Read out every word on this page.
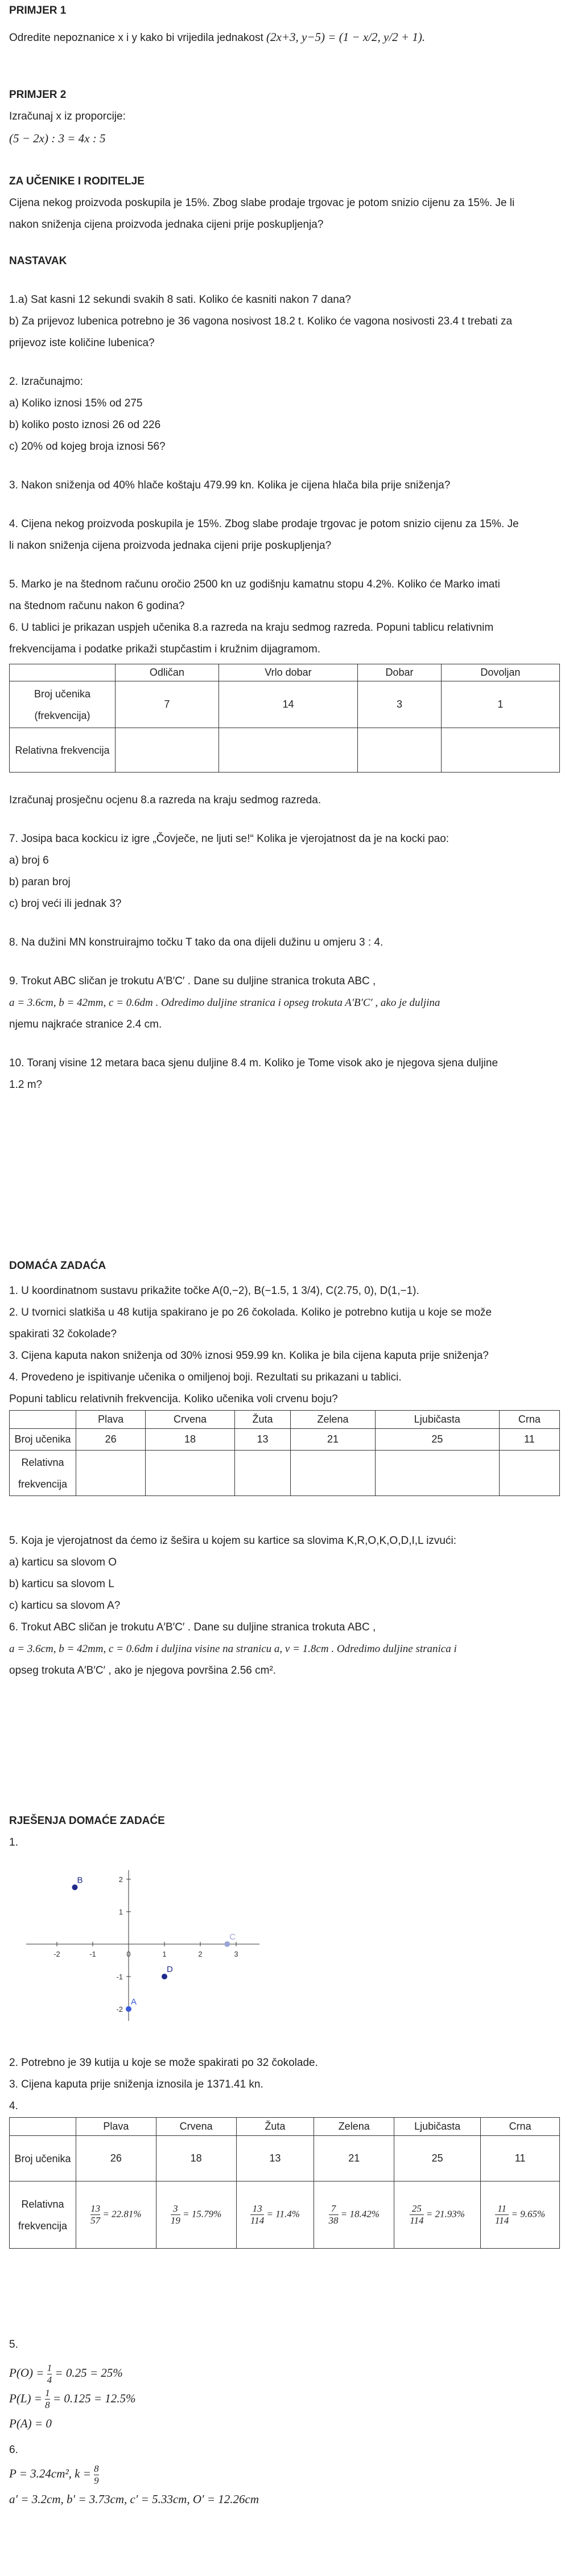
PRIMJER 1

Odredite nepoznanice x i y kako bi vrijedila jednakost (2x+3, y−5) = (1 − x/2, y/2 + 1).

PRIMJER 2

Izračunaj x iz proporcije:

(5 − 2x) : 3 = 4x : 5

ZA UČENIKE I RODITELJE

Cijena nekog proizvoda poskupila je 15%. Zbog slabe prodaje trgovac je potom snizio cijenu za 15%. Je li

nakon sniženja cijena proizvoda jednaka cijeni prije poskupljenja?

NASTAVAK

1.a) Sat kasni 12 sekundi svakih 8 sati. Koliko će kasniti nakon 7 dana?

b) Za prijevoz lubenica potrebno je 36 vagona nosivost 18.2 t. Koliko će vagona nosivosti 23.4 t trebati za

prijevoz iste količine lubenica?

2. Izračunajmo:

a) Koliko iznosi 15% od 275

b) koliko posto iznosi 26 od 226

c) 20% od kojeg broja iznosi 56?

3. Nakon sniženja od 40% hlače koštaju 479.99 kn. Kolika je cijena hlača bila prije sniženja?

4. Cijena nekog proizvoda poskupila je 15%. Zbog slabe prodaje trgovac je potom snizio cijenu za 15%. Je

li nakon sniženja cijena proizvoda jednaka cijeni prije poskupljenja?

5. Marko je na štednom računu oročio 2500 kn uz godišnju kamatnu stopu 4.2%. Koliko će Marko imati

na štednom računu nakon 6 godina?

6. U tablici je prikazan uspjeh učenika 8.a razreda na kraju sedmog razreda. Popuni tablicu relativnim

frekvencijama i podatke prikaži stupčastim i kružnim dijagramom.

	Odličan	Vrlo dobar	Dobar	Dovoljan
Broj učenika (frekvencija)	7	14	3	1
Relativna frekvencija				

Izračunaj prosječnu ocjenu 8.a razreda na kraju sedmog razreda.

7. Josipa baca kockicu iz igre „Čovječe, ne ljuti se!“ Kolika je vjerojatnost da je na kocki pao:

a) broj 6

b) paran broj

c) broj veći ili jednak 3?

8. Na dužini MN konstruirajmo točku T tako da ona dijeli dužinu u omjeru 3 : 4.

9. Trokut ABC sličan je trokutu A′B′C′ . Dane su duljine stranica trokuta ABC ,

a = 3.6cm, b = 42mm, c = 0.6dm . Odredimo duljine stranica i opseg trokuta A′B′C′ , ako je duljina

njemu najkraće stranice 2.4 cm.

10. Toranj visine 12 metara baca sjenu duljine 8.4 m. Koliko je Tome visok ako je njegova sjena duljine

1.2 m?

DOMAĆA ZADAĆA

1. U koordinatnom sustavu prikažite točke A(0,−2), B(−1.5, 1 3/4), C(2.75, 0), D(1,−1).

2. U tvornici slatkiša u 48 kutija spakirano je po 26 čokolada. Koliko je potrebno kutija u koje se može

spakirati 32 čokolade?

3. Cijena kaputa nakon sniženja od 30% iznosi 959.99 kn. Kolika je bila cijena kaputa prije sniženja?

4. Provedeno je ispitivanje učenika o omiljenoj boji. Rezultati su prikazani u tablici.

Popuni tablicu relativnih frekvencija. Koliko učenika voli crvenu boju?

	Plava	Crvena	Žuta	Zelena	Ljubičasta	Crna
Broj učenika	26	18	13	21	25	11
Relativna frekvencija						

5. Koja je vjerojatnost da ćemo iz šešira u kojem su kartice sa slovima K,R,O,K,O,D,I,L izvući:

a) karticu sa slovom O

b) karticu sa slovom L

c) karticu sa slovom A?

6. Trokut ABC sličan je trokutu A′B′C′ . Dane su duljine stranica trokuta ABC ,

a = 3.6cm, b = 42mm, c = 0.6dm i duljina visine na stranicu a, v = 1.8cm . Odredimo duljine stranica i

opseg trokuta A′B′C′ , ako je njegova površina 2.56 cm².

RJEŠENJA DOMAĆE ZADAĆE

1.

-2	-1	0	1	2	3
2
1
-1
-2
A
B
C
D

2. Potrebno je 39 kutija u koje se može spakirati po 32 čokolade.

3. Cijena kaputa prije sniženja iznosila je 1371.41 kn.

4.

	Plava	Crvena	Žuta	Zelena	Ljubičasta	Crna
Broj učenika	26	18	13	21	25	11
Relativna frekvencija	$\frac{13}{57} = 22.81\%$	$\frac{3}{19} = 15.79\%$	$\frac{13}{114} = 11.4\%$	$\frac{7}{38} = 18.42\%$	$\frac{25}{114} = 21.93\%$	$\frac{11}{114} = 9.65\%$

5.

$P(O) = \frac{1}{4} = 0.25 = 25\%$
$P(L) = \frac{1}{8} = 0.125 = 12.5\%$
P(A) = 0

6.

P = 3.24cm², $k = \frac{8}{9}$
a′ = 3.2cm, b′ = 3.73cm, c′ = 5.33cm, O′ = 12.26cm
